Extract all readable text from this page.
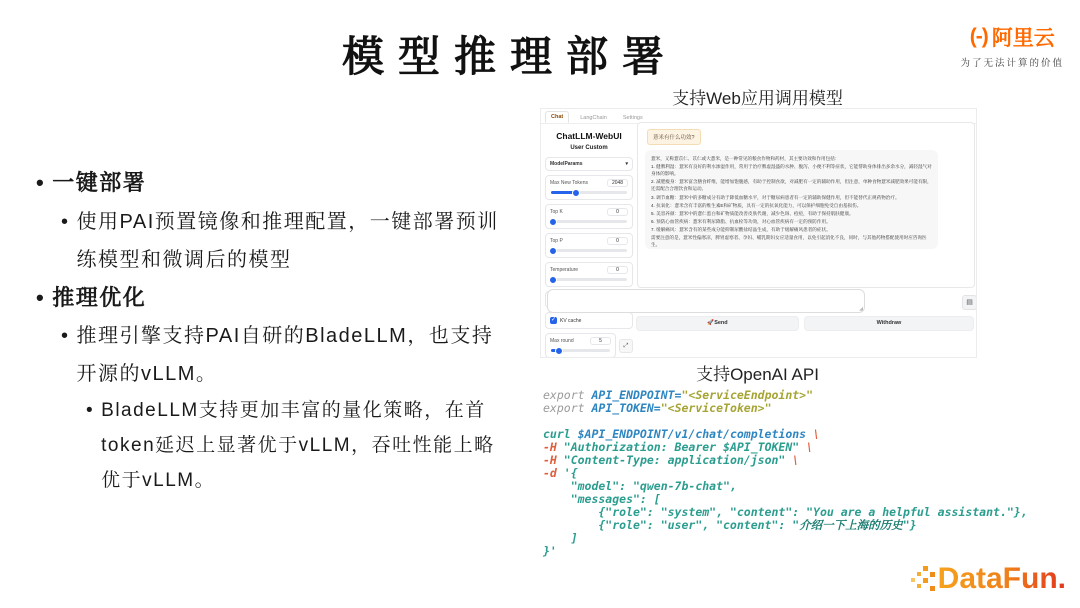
模型推理部署	(-) 阿里云
为了无法计算的价值
• 一键部署
• 使用PAI预置镜像和推理配置，一键部署预训练模型和微调后的模型
• 推理优化
• 推理引擎支持PAI自研的BladeLLM，也支持开源的vLLM。
• BladeLLM支持更加丰富的量化策略，在首token延迟上显著优于vLLM，吞吐性能上略优于vLLM。
支持Web应用调用模型
支持OpenAI API
Chat	LangChain	Settings
ChatLLM-WebUI
User Custom
ModelParams	▾
Max New Tokens	2048
Top K	0
Top P	0
Temperature	0
✓ KV cache
Max round	5
⤢
薏米有什么功效?
薏米，又称薏苡仁、苡仁或大薏米，是一种常见的粮食作物和药材，其主要功效和作用包括：
1. 健脾利湿：薏米有良好的利水渗湿作用，常用于治疗脾虚湿盛的水肿、腹泻、小便不利等症状，它能帮助身体排出多余水分，减轻湿气对身体的影响。
2. 减肥瘦身：薏米富含膳食纤维，能增加饱腹感，有助于控制食欲，对减肥有一定的辅助作用，但注意，单种食物薏米减肥效果可能有限，还需配合合理饮食和运动。
3. 调节血糖：薏米中的多糖成分有助于降低血糖水平，对于糖尿病患者有一定的辅助保健作用，但不能替代正规药物治疗。
4. 抗氧化：薏米含有丰富的维生素E和矿物质，具有一定的抗氧化能力，可以保护细胞免受自由基损伤。
5. 美容养颜：薏米中的薏仁蛋白和矿物质能改善皮肤代谢，减少色斑、痘痘，有助于保持肌肤健康。
6. 预防心血管疾病：薏米有利尿降脂、抗血栓等功效，对心血管疾病有一定的预防作用。
7. 缓解痛风：薏米含有的某些成分能抑制尿酸盐结晶生成，有助于缓解痛风患者的症状。
需要注意的是，薏米性偏寒凉，脾胃虚寒者、孕妇、哺乳期妇女应适量食用，以免引起消化不良，同时，与其他药物搭配使用时应咨询医生。
◢
▤
🚀Send	Withdraw
export API_ENDPOINT="<ServiceEndpoint>"
export API_TOKEN="<ServiceToken>"

curl $API_ENDPOINT/v1/chat/completions \
-H "Authorization: Bearer $API_TOKEN" \
-H "Content-Type: application/json" \
-d '{
"model": "qwen-7b-chat",
"messages": [
{"role": "system", "content": "You are a helpful assistant."},
{"role": "user", "content": "介绍一下上海的历史"}
]
}'
DataFun.
